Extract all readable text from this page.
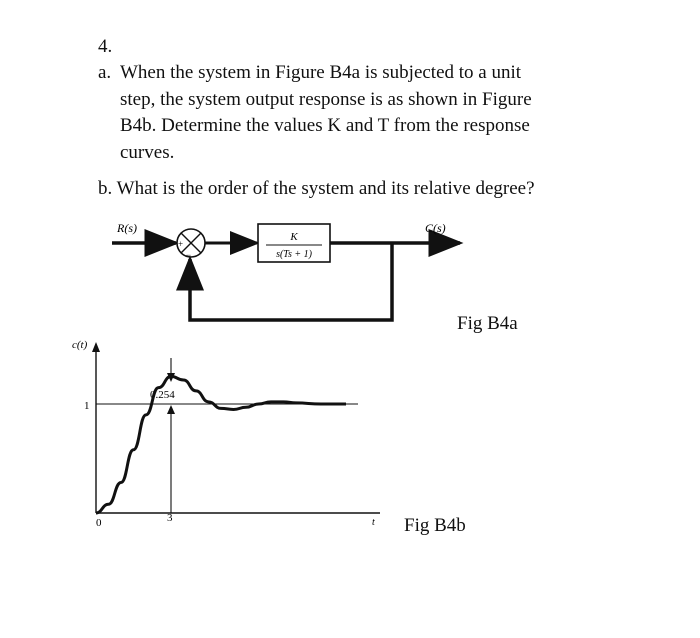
4.
a. When the system in Figure B4a is subjected to a unit
step, the system output response is as shown in Figure
B4b. Determine the values K and T from the response
curves.
b. What is the order of the system and its relative degree?
R(s)
+
−
K
s(Ts + 1)
C(s)
Fig B4a
c(t)
t
1
0	3
0.254
Fig B4b
